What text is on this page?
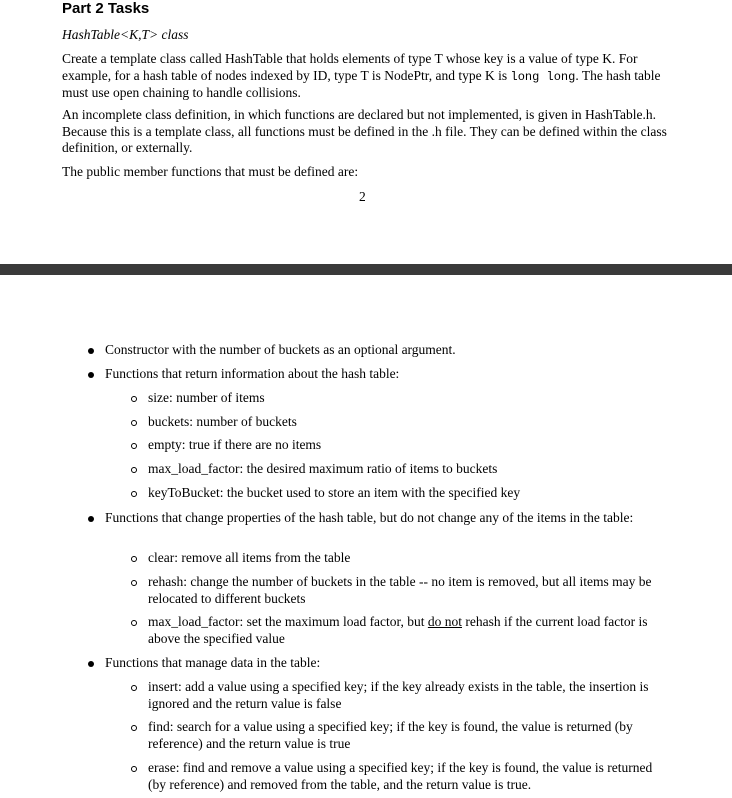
Part 2 Tasks
HashTable<K,T> class

Create a template class called HashTable that holds elements of type T whose key is a value of type K. For example, for a hash table of nodes indexed by ID, type T is NodePtr, and type K is long long. The hash table must use open chaining to handle collisions.

An incomplete class definition, in which functions are declared but not implemented, is given in HashTable.h. Because this is a template class, all functions must be defined in the .h file. They can be defined within the class definition, or externally.

The public member functions that must be defined are:

2

Constructor with the number of buckets as an optional argument.

Functions that return information about the hash table:

size: number of items

buckets: number of buckets

empty: true if there are no items

max_load_factor: the desired maximum ratio of items to buckets

keyToBucket: the bucket used to store an item with the specified key

Functions that change properties of the hash table, but do not change any of the items in the table:

clear: remove all items from the table

rehash: change the number of buckets in the table -- no item is removed, but all items may be relocated to different buckets

max_load_factor: set the maximum load factor, but do not rehash if the current load factor is above the specified value

Functions that manage data in the table:

insert: add a value using a specified key; if the key already exists in the table, the insertion is ignored and the return value is false

find: search for a value using a specified key; if the key is found, the value is returned (by reference) and the return value is true

erase: find and remove a value using a specified key; if the key is found, the value is returned (by reference) and removed from the table, and the return value is true.
